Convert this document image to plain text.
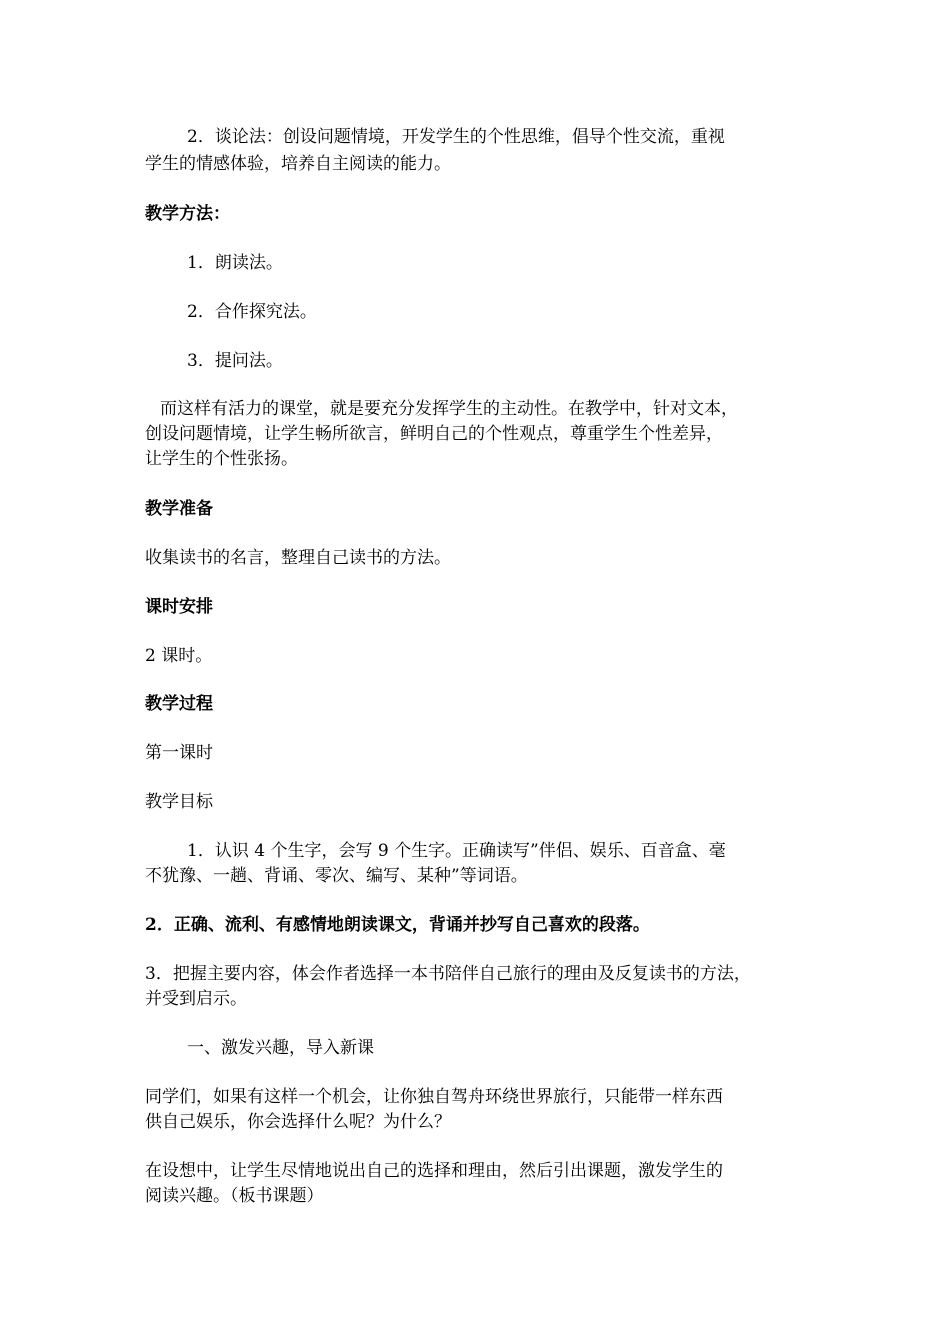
2．谈论法：创设问题情境，开发学生的个性思维，倡导个性交流，重视
学生的情感体验，培养自主阅读的能力。
教学方法：
1．朗读法。
2．合作探究法。
3．提问法。
而这样有活力的课堂，就是要充分发挥学生的主动性。在教学中，针对文本，
创设问题情境，让学生畅所欲言，鲜明自己的个性观点，尊重学生个性差异，
让学生的个性张扬。
教学准备
收集读书的名言，整理自己读书的方法。
课时安排
2 课时。
教学过程
第一课时
教学目标
1．认识 4 个生字，会写 9 个生字。正确读写”伴侣、娱乐、百音盒、毫
不犹豫、一趟、背诵、零次、编写、某种”等词语。
2．正确、流利、有感情地朗读课文，背诵并抄写自己喜欢的段落。
3．把握主要内容，体会作者选择一本书陪伴自己旅行的理由及反复读书的方法，
并受到启示。
一、激发兴趣，导入新课
同学们，如果有这样一个机会，让你独自驾舟环绕世界旅行，只能带一样东西
供自己娱乐，你会选择什么呢？为什么？
在设想中，让学生尽情地说出自己的选择和理由，然后引出课题，激发学生的
阅读兴趣。（板书课题）
